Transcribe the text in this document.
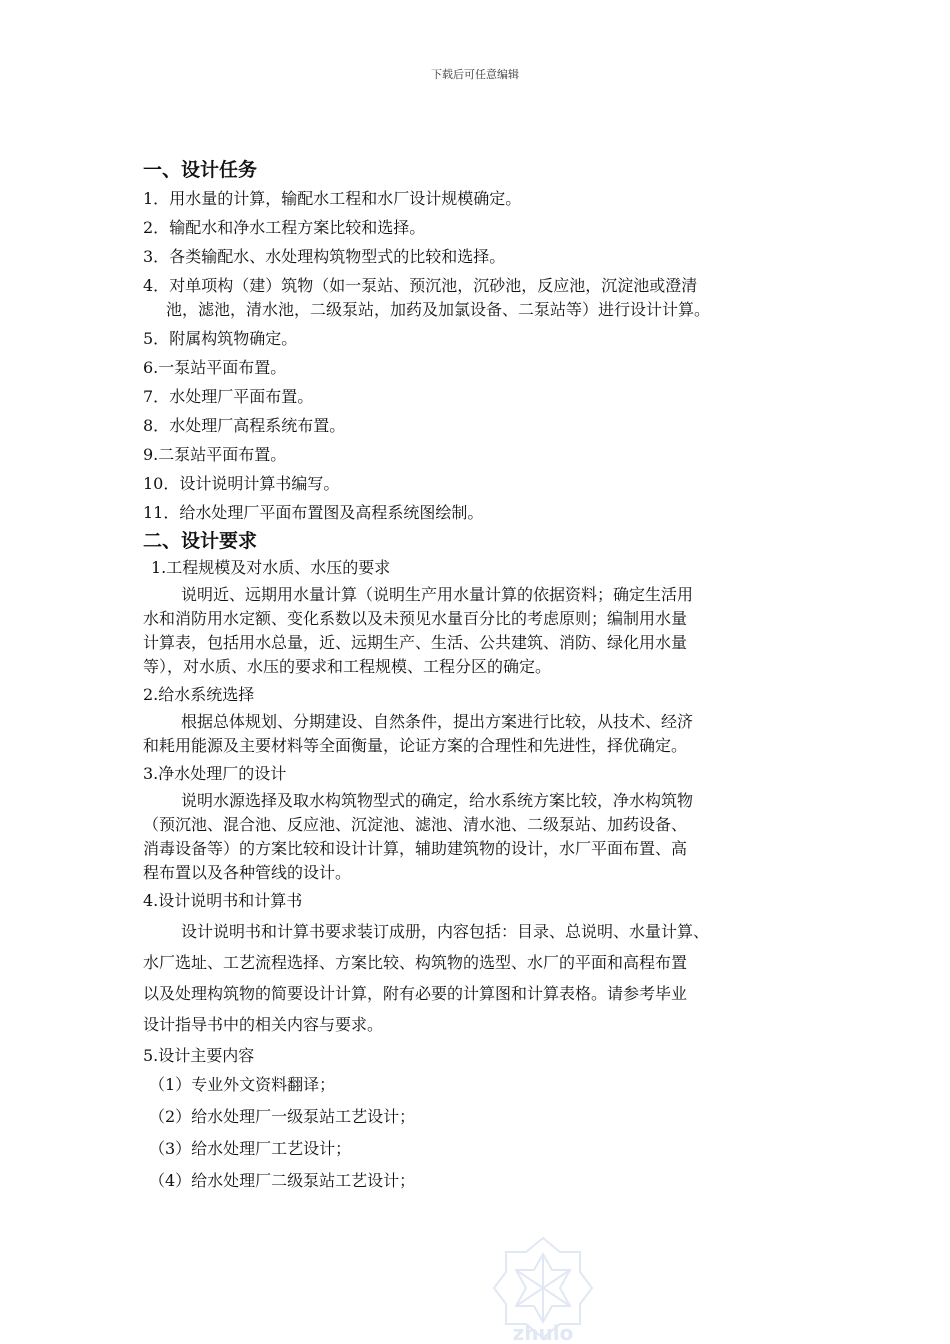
下载后可任意编辑
一、设计任务
1．用水量的计算，输配水工程和水厂设计规模确定。
2．输配水和净水工程方案比较和选择。
3．各类输配水、水处理构筑物型式的比较和选择。
4．对单项构（建）筑物（如一泵站、预沉池，沉砂池，反应池，沉淀池或澄清
池，滤池，清水池，二级泵站，加药及加氯设备、二泵站等）进行设计计算。
5．附属构筑物确定。
6.一泵站平面布置。
7．水处理厂平面布置。
8．水处理厂高程系统布置。
9.二泵站平面布置。
10．设计说明计算书编写。
11．给水处理厂平面布置图及高程系统图绘制。
二、设计要求
1.工程规模及对水质、水压的要求
说明近、远期用水量计算（说明生产用水量计算的依据资料；确定生活用
水和消防用水定额、变化系数以及未预见水量百分比的考虑原则；编制用水量
计算表，包括用水总量，近、远期生产、生活、公共建筑、消防、绿化用水量
等），对水质、水压的要求和工程规模、工程分区的确定。
2.给水系统选择
根据总体规划、分期建设、自然条件，提出方案进行比较，从技术、经济
和耗用能源及主要材料等全面衡量，论证方案的合理性和先进性，择优确定。
3.净水处理厂的设计
说明水源选择及取水构筑物型式的确定，给水系统方案比较，净水构筑物
（预沉池、混合池、反应池、沉淀池、滤池、清水池、二级泵站、加药设备、
消毒设备等）的方案比较和设计计算，辅助建筑物的设计，水厂平面布置、高
程布置以及各种管线的设计。
4.设计说明书和计算书
设计说明书和计算书要求装订成册，内容包括：目录、总说明、水量计算、
水厂选址、工艺流程选择、方案比较、构筑物的选型、水厂的平面和高程布置
以及处理构筑物的简要设计计算，附有必要的计算图和计算表格。请参考毕业
设计指导书中的相关内容与要求。
5.设计主要内容
（1）专业外文资料翻译；
（2）给水处理厂一级泵站工艺设计；
（3）给水处理厂工艺设计；
（4）给水处理厂二级泵站工艺设计；
zhulo
